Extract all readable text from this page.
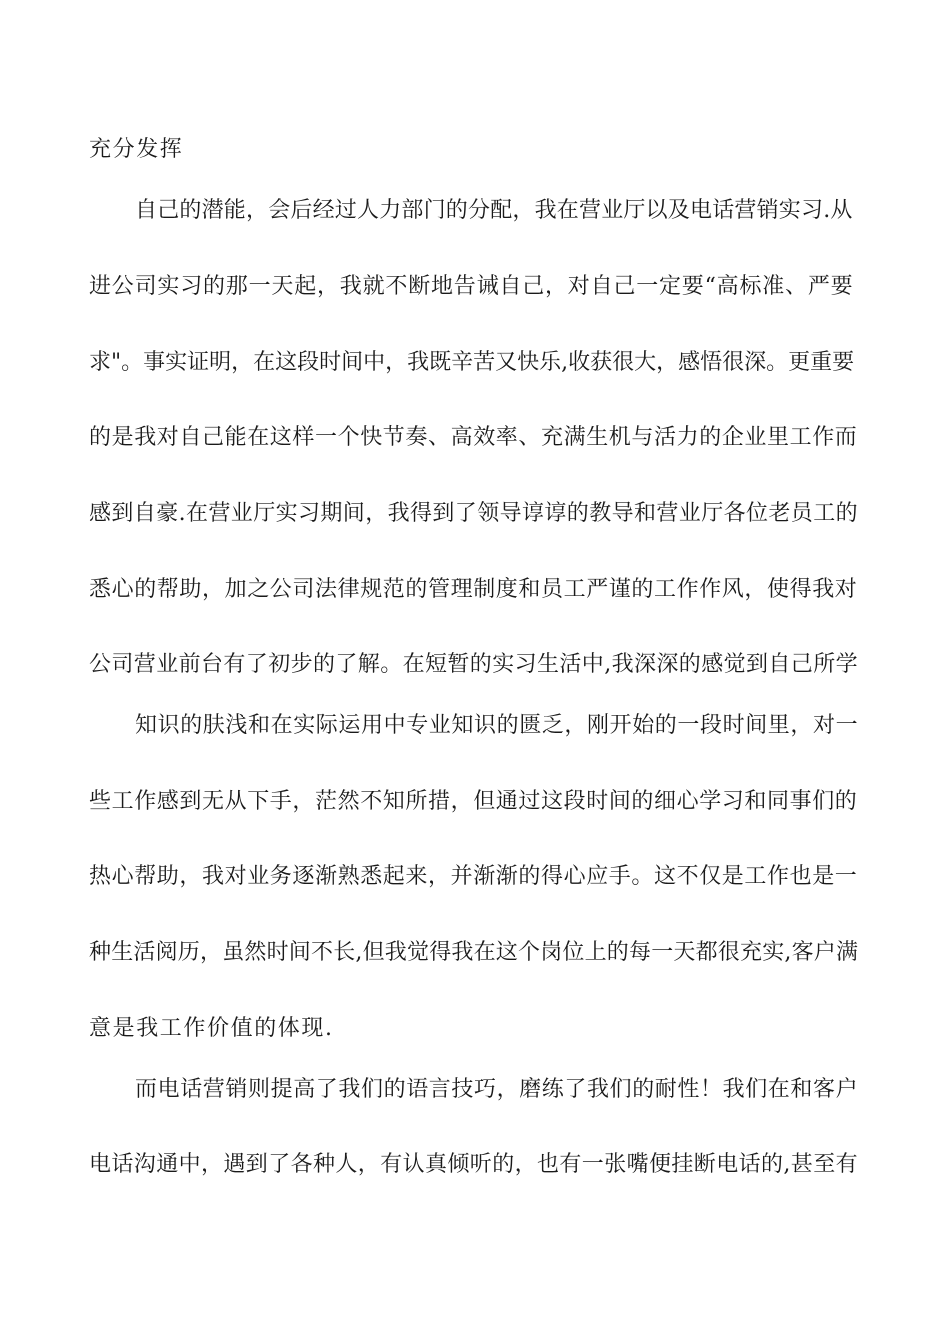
充分发挥

自己的潜能，会后经过人力部门的分配，我在营业厅以及电话营销实习.从

进公司实习的那一天起，我就不断地告诫自己，对自己一定要“高标准、严要

求"。事实证明，在这段时间中，我既辛苦又快乐,收获很大，感悟很深。更重要

的是我对自己能在这样一个快节奏、高效率、充满生机与活力的企业里工作而

感到自豪.在营业厅实习期间，我得到了领导谆谆的教导和营业厅各位老员工的

悉心的帮助，加之公司法律规范的管理制度和员工严谨的工作作风，使得我对

公司营业前台有了初步的了解。在短暂的实习生活中,我深深的感觉到自己所学

知识的肤浅和在实际运用中专业知识的匮乏，刚开始的一段时间里，对一

些工作感到无从下手，茫然不知所措，但通过这段时间的细心学习和同事们的

热心帮助，我对业务逐渐熟悉起来，并渐渐的得心应手。这不仅是工作也是一

种生活阅历，虽然时间不长,但我觉得我在这个岗位上的每一天都很充实,客户满

意是我工作价值的体现.

而电话营销则提高了我们的语言技巧，磨练了我们的耐性！我们在和客户

电话沟通中，遇到了各种人，有认真倾听的，也有一张嘴便挂断电话的,甚至有
